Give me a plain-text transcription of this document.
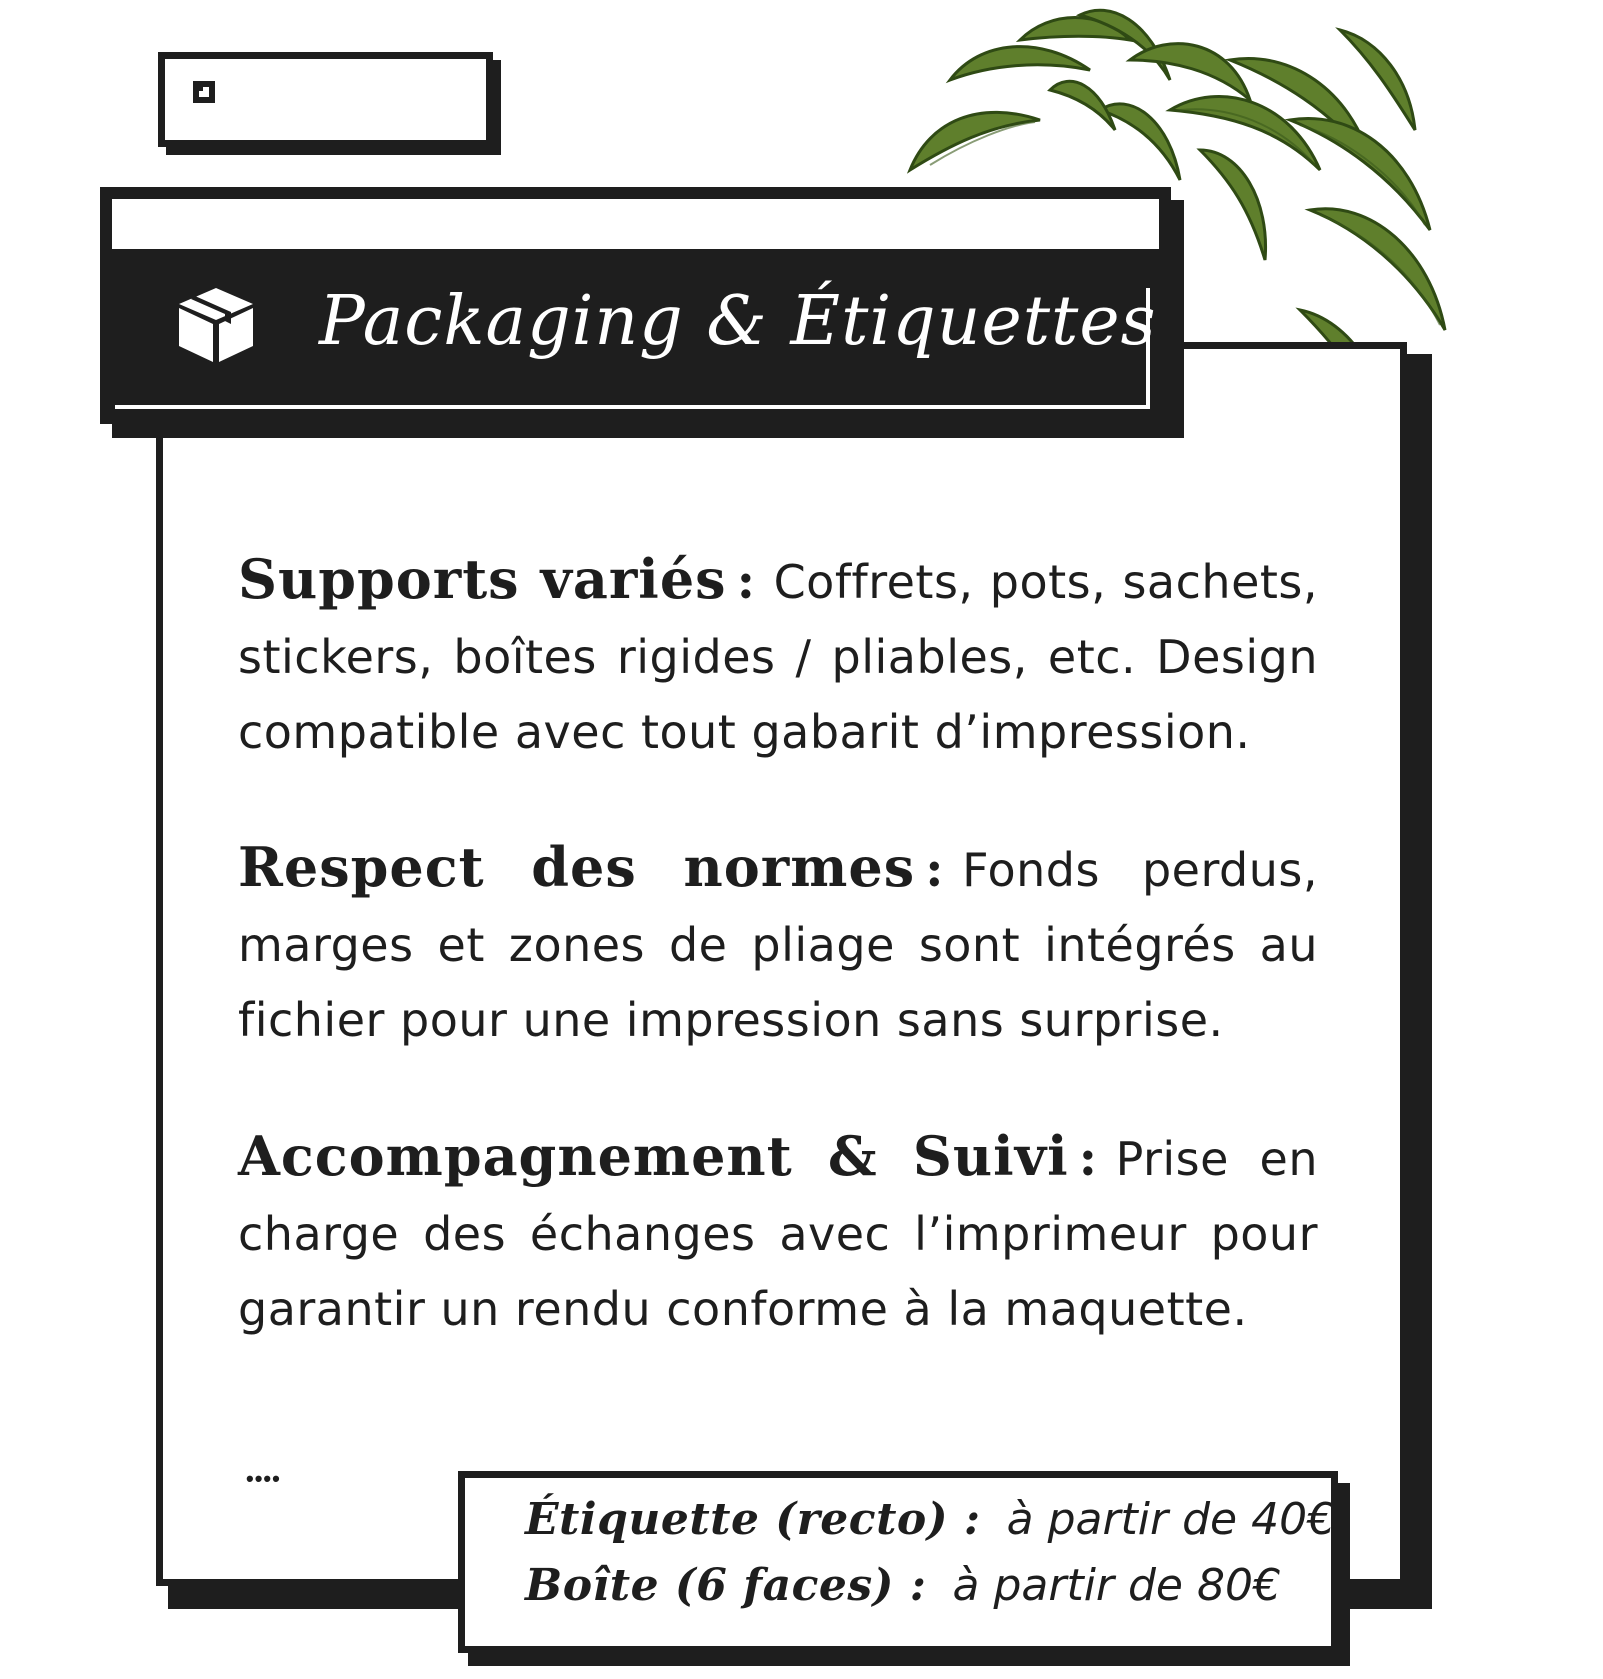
Packaging & Étiquettes
Supports variés : Coffrets, pots, sachets, stickers, boîtes rigides / pliables, etc. Design compatible avec tout gabarit d’impression.
Respect des normes : Fonds perdus, marges et zones de pliage sont intégrés au fichier pour une impression sans surprise.
Accompagnement & Suivi : Prise en charge des échanges avec l’imprimeur pour garantir un rendu conforme à la maquette.
••••
Étiquette (recto) : à partir de 40€
Boîte (6 faces) : à partir de 80€
